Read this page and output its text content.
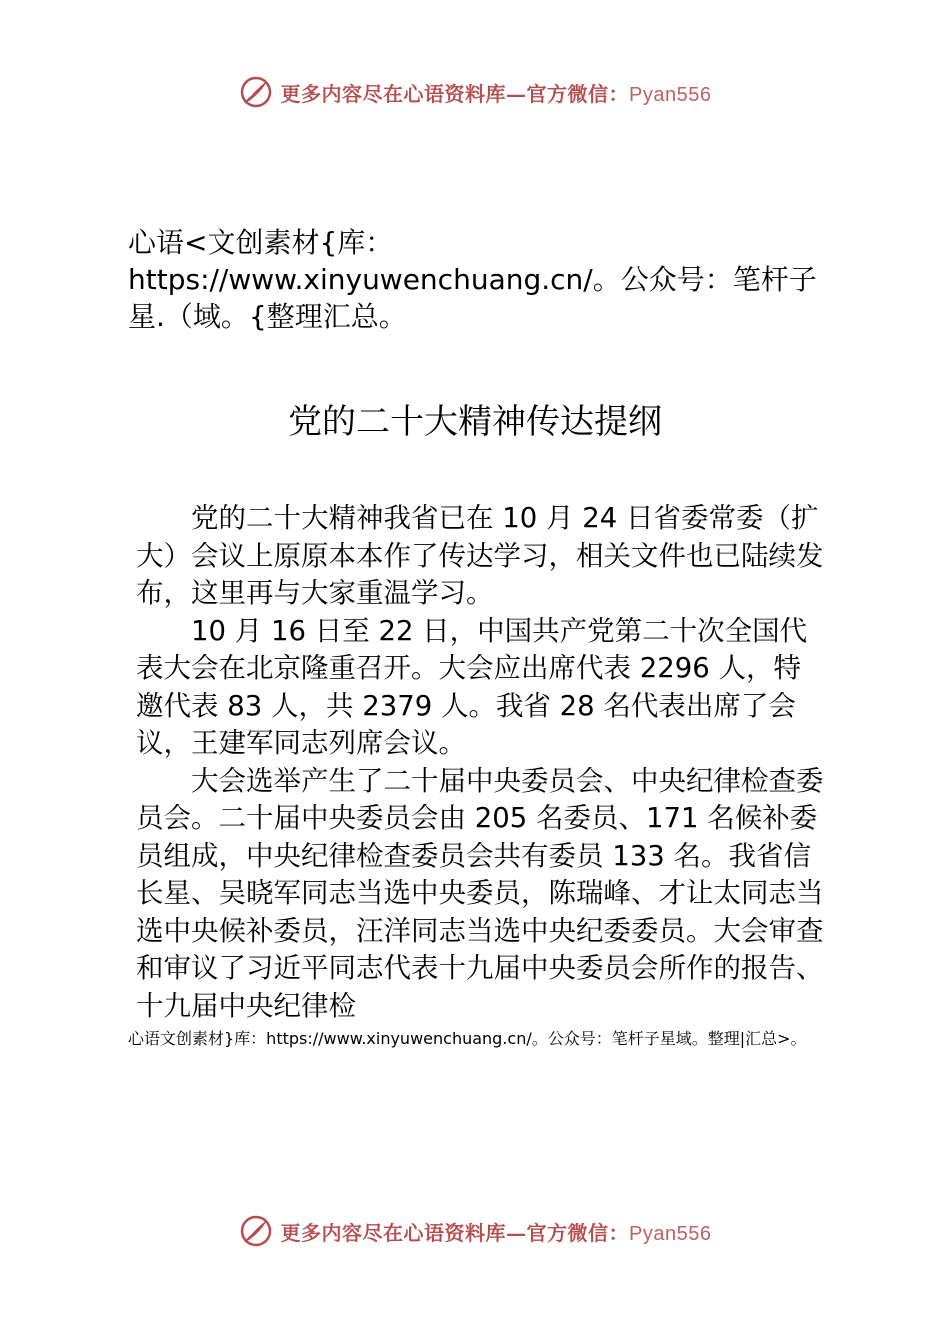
更多内容尽在心语资料库—官方微信：Pyan556
心语<文创素材{库：https://www.xinyuwenchuang.cn/。公众号：笔杆子星.（域。{整理汇总。
党的二十大精神传达提纲

党的二十大精神我省已在 10 月 24 日省委常委（扩大）会议上原原本本作了传达学习，相关文件也已陆续发布，这里再与大家重温学习。

10 月 16 日至 22 日，中国共产党第二十次全国代表大会在北京隆重召开。大会应出席代表 2296 人，特邀代表 83 人，共 2379 人。我省 28 名代表出席了会议，王建军同志列席会议。

大会选举产生了二十届中央委员会、中央纪律检查委员会。二十届中央委员会由 205 名委员、171 名候补委员组成，中央纪律检查委员会共有委员 133 名。我省信长星、吴晓军同志当选中央委员，陈瑞峰、才让太同志当选中央候补委员，汪洋同志当选中央纪委委员。大会审查和审议了习近平同志代表十九届中央委员会所作的报告、十九届中央纪律检

心语文创素材}库：https://www.xinyuwenchuang.cn/。公众号：笔杆子星域。整理|汇总>。
更多内容尽在心语资料库—官方微信：Pyan556
